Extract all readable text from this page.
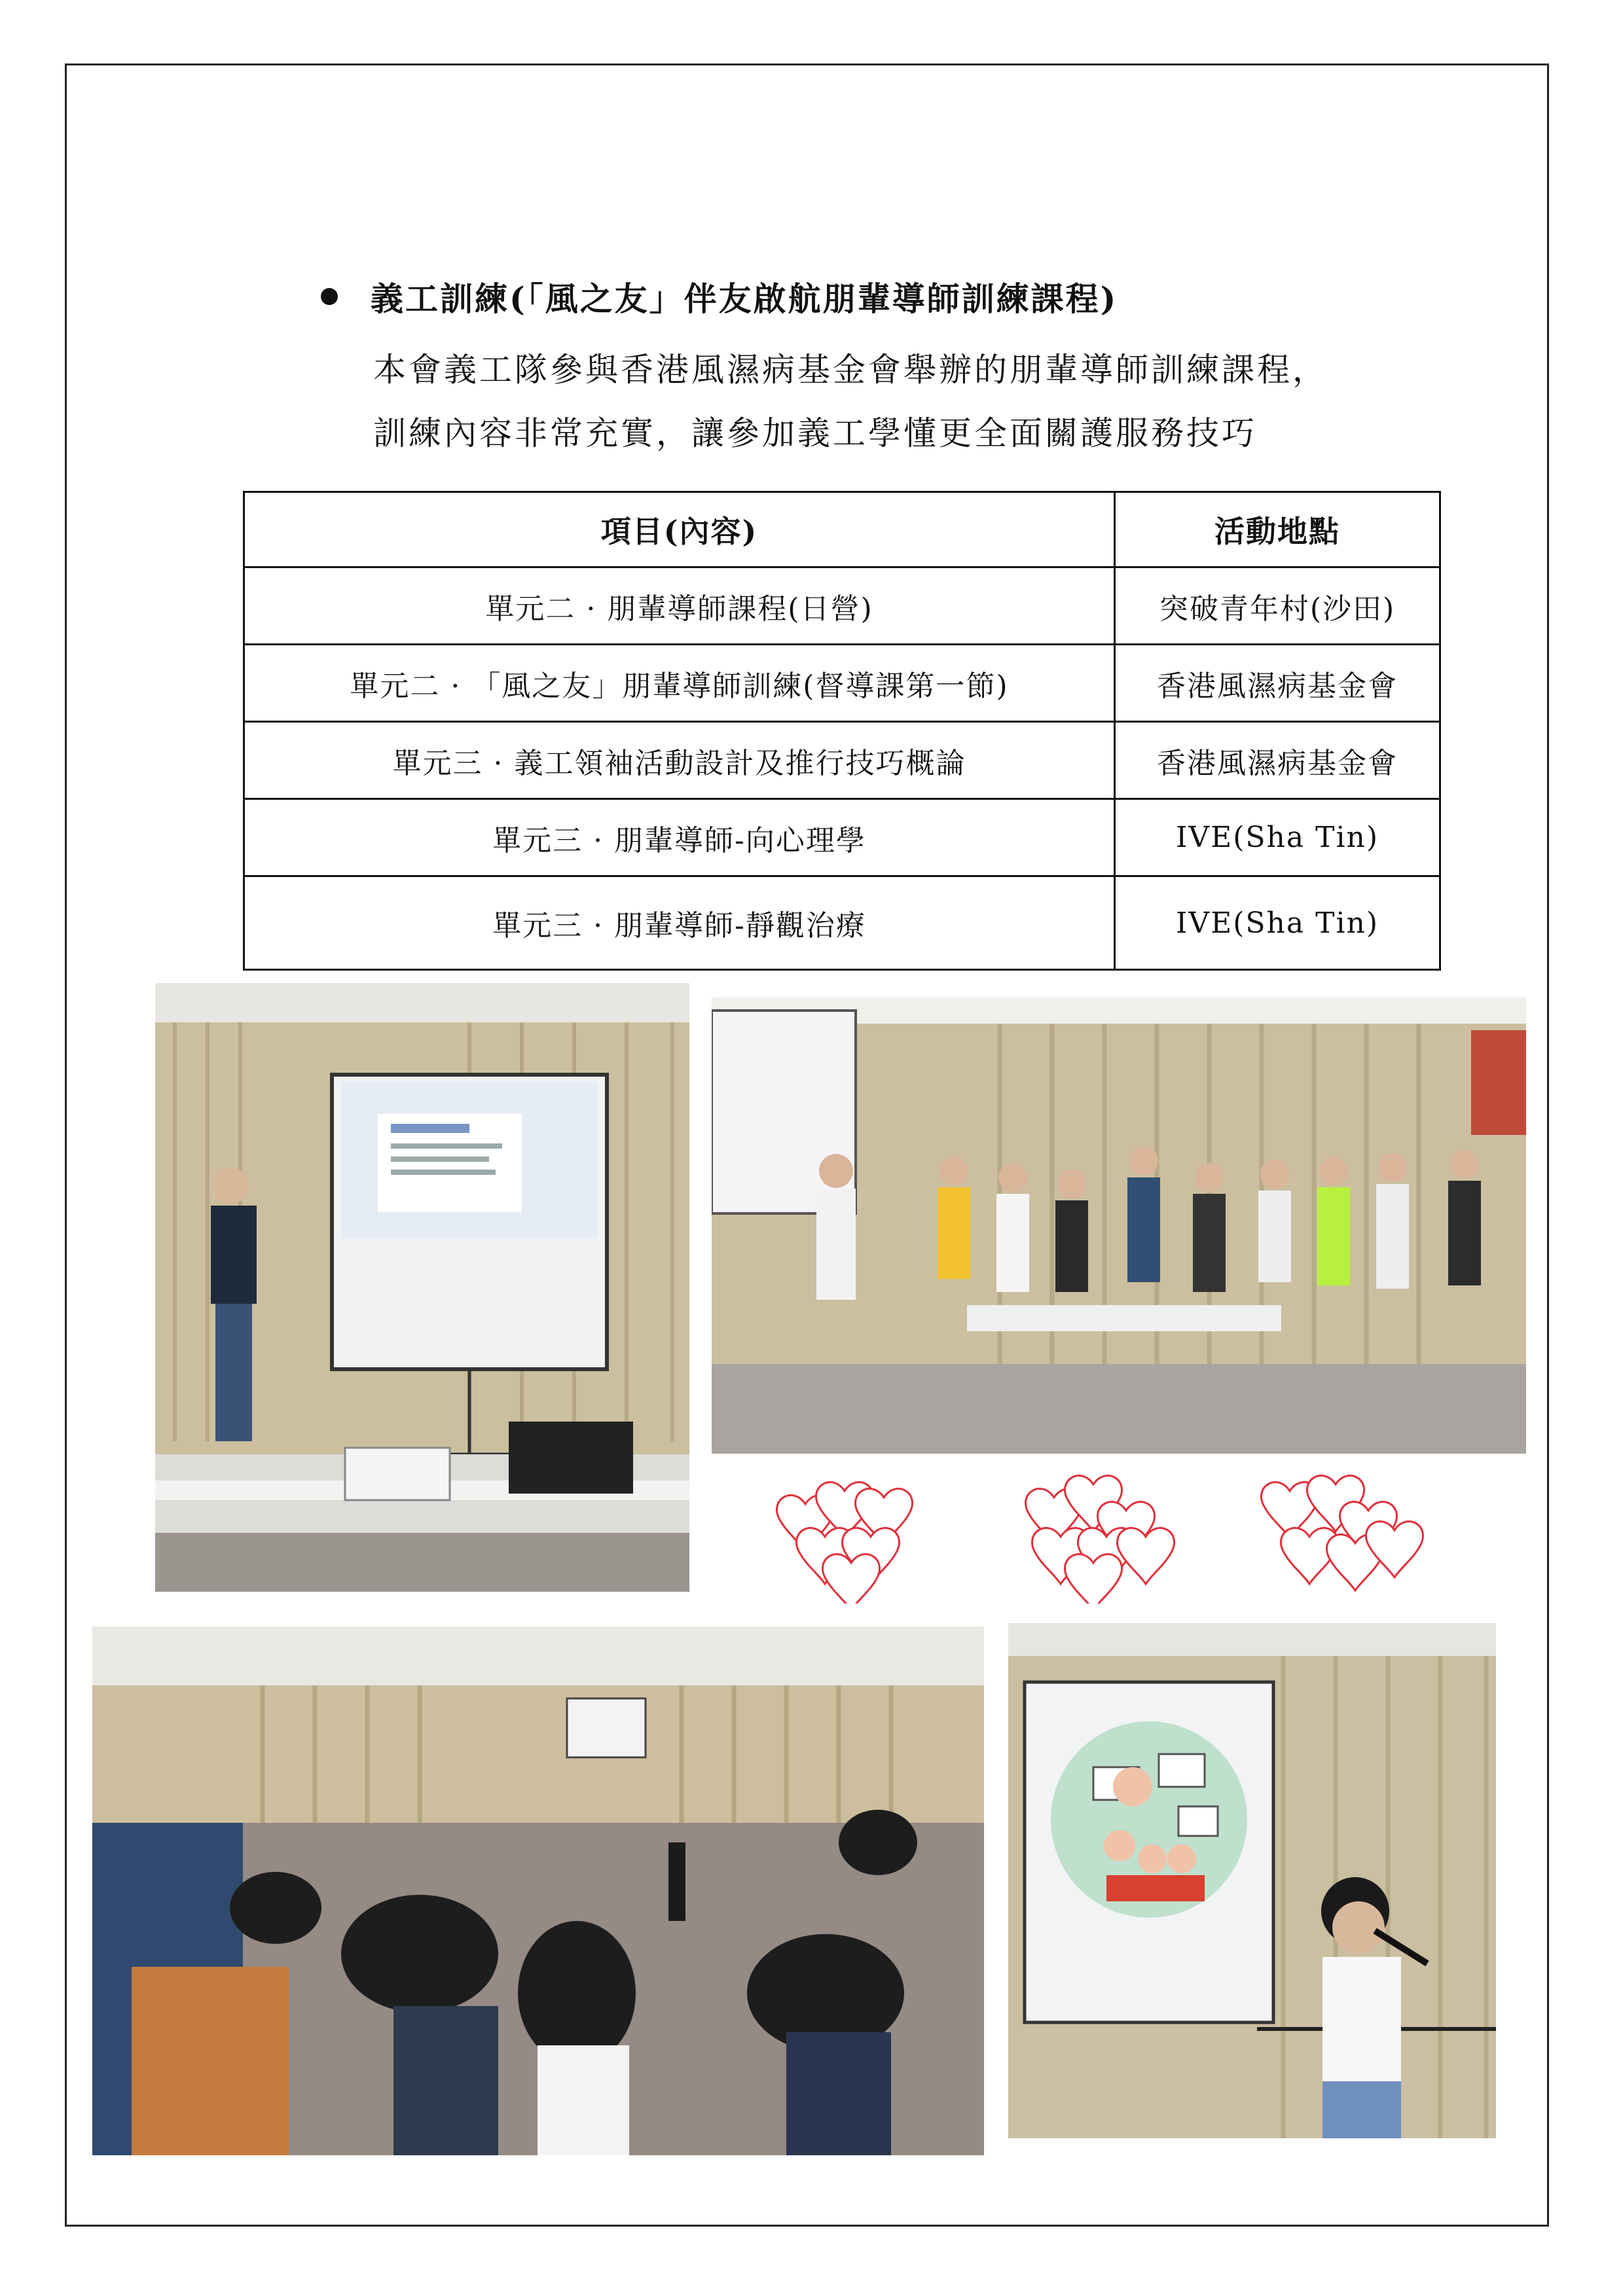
義工訓練(「風之友」伴友啟航朋輩導師訓練課程)
本會義工隊參與香港風濕病基金會舉辦的朋輩導師訓練課程，
訓練內容非常充實，讓參加義工學懂更全面關護服務技巧
項目(內容)	活動地點
單元二 · 朋輩導師課程(日營)	突破青年村(沙田)
單元二 · 「風之友」朋輩導師訓練(督導課第一節)	香港風濕病基金會
單元三 · 義工領袖活動設計及推行技巧概論	香港風濕病基金會
單元三 · 朋輩導師-向心理學	IVE(Sha Tin)
單元三 · 朋輩導師-靜觀治療	IVE(Sha Tin)
